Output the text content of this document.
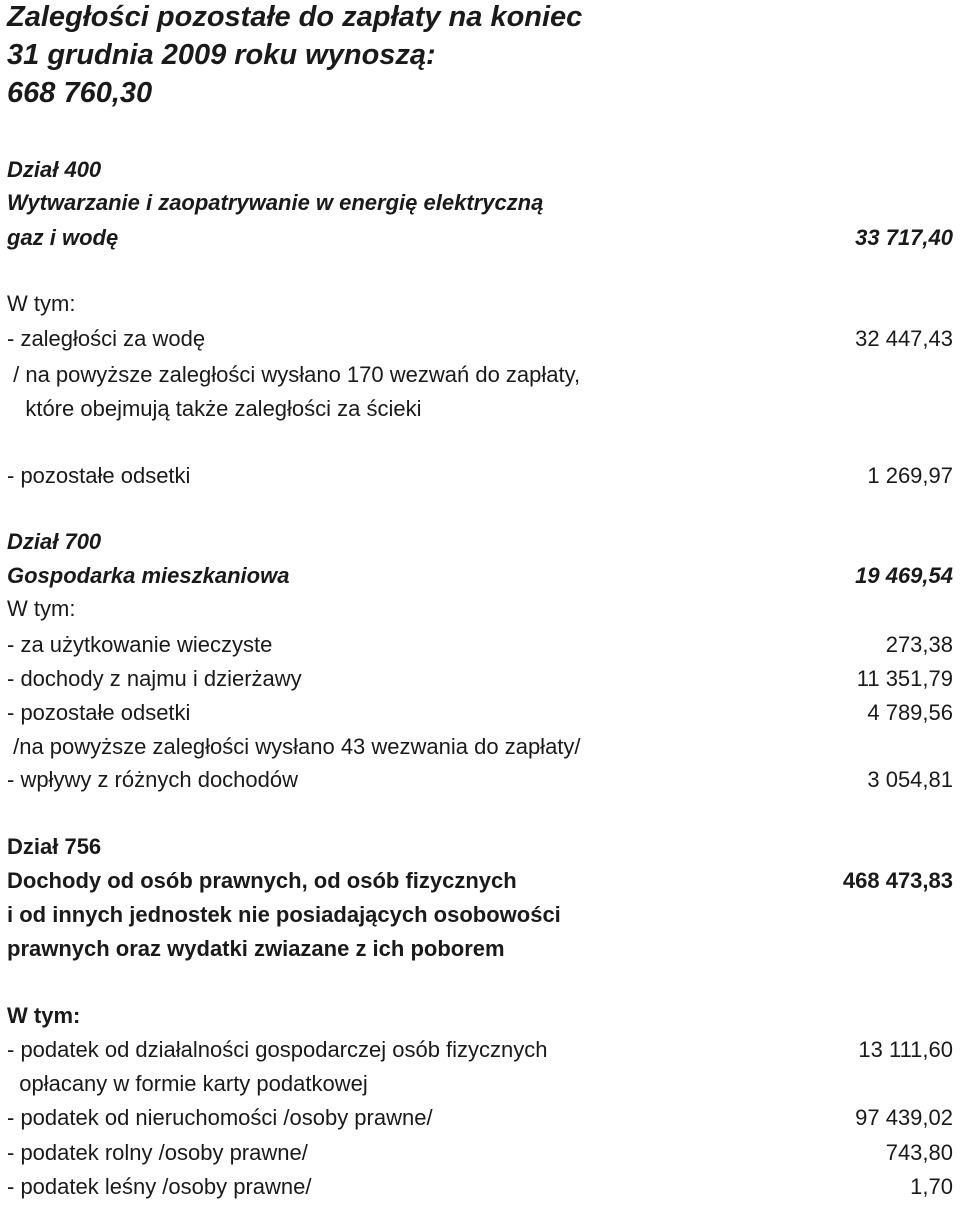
Zaległości pozostałe do zapłaty na koniec
31 grudnia 2009 roku wynoszą:
668 760,30
Dział 400
Wytwarzanie i zaopatrywanie w energię elektryczną
gaz i wodę	33 717,40
W tym:
- zaległości za wodę	32 447,43
/ na powyższe zaległości wysłano 170 wezwań do zapłaty,
które obejmują także zaległości za ścieki
- pozostałe odsetki	1 269,97
Dział 700
Gospodarka mieszkaniowa	19 469,54
W tym:
- za użytkowanie wieczyste	273,38
- dochody z najmu i dzierżawy	11 351,79
- pozostałe odsetki	4 789,56
/na powyższe zaległości wysłano 43 wezwania do zapłaty/
- wpływy z różnych dochodów	3 054,81
Dział 756
Dochody od osób prawnych, od osób fizycznych	468 473,83
i od innych jednostek nie posiadających osobowości
prawnych oraz wydatki zwiazane z ich poborem
W tym:
- podatek od działalności gospodarczej osób fizycznych	13 111,60
opłacany w formie karty podatkowej
- podatek od nieruchomości /osoby prawne/	97 439,02
- podatek rolny /osoby prawne/	743,80
- podatek leśny /osoby prawne/	1,70
